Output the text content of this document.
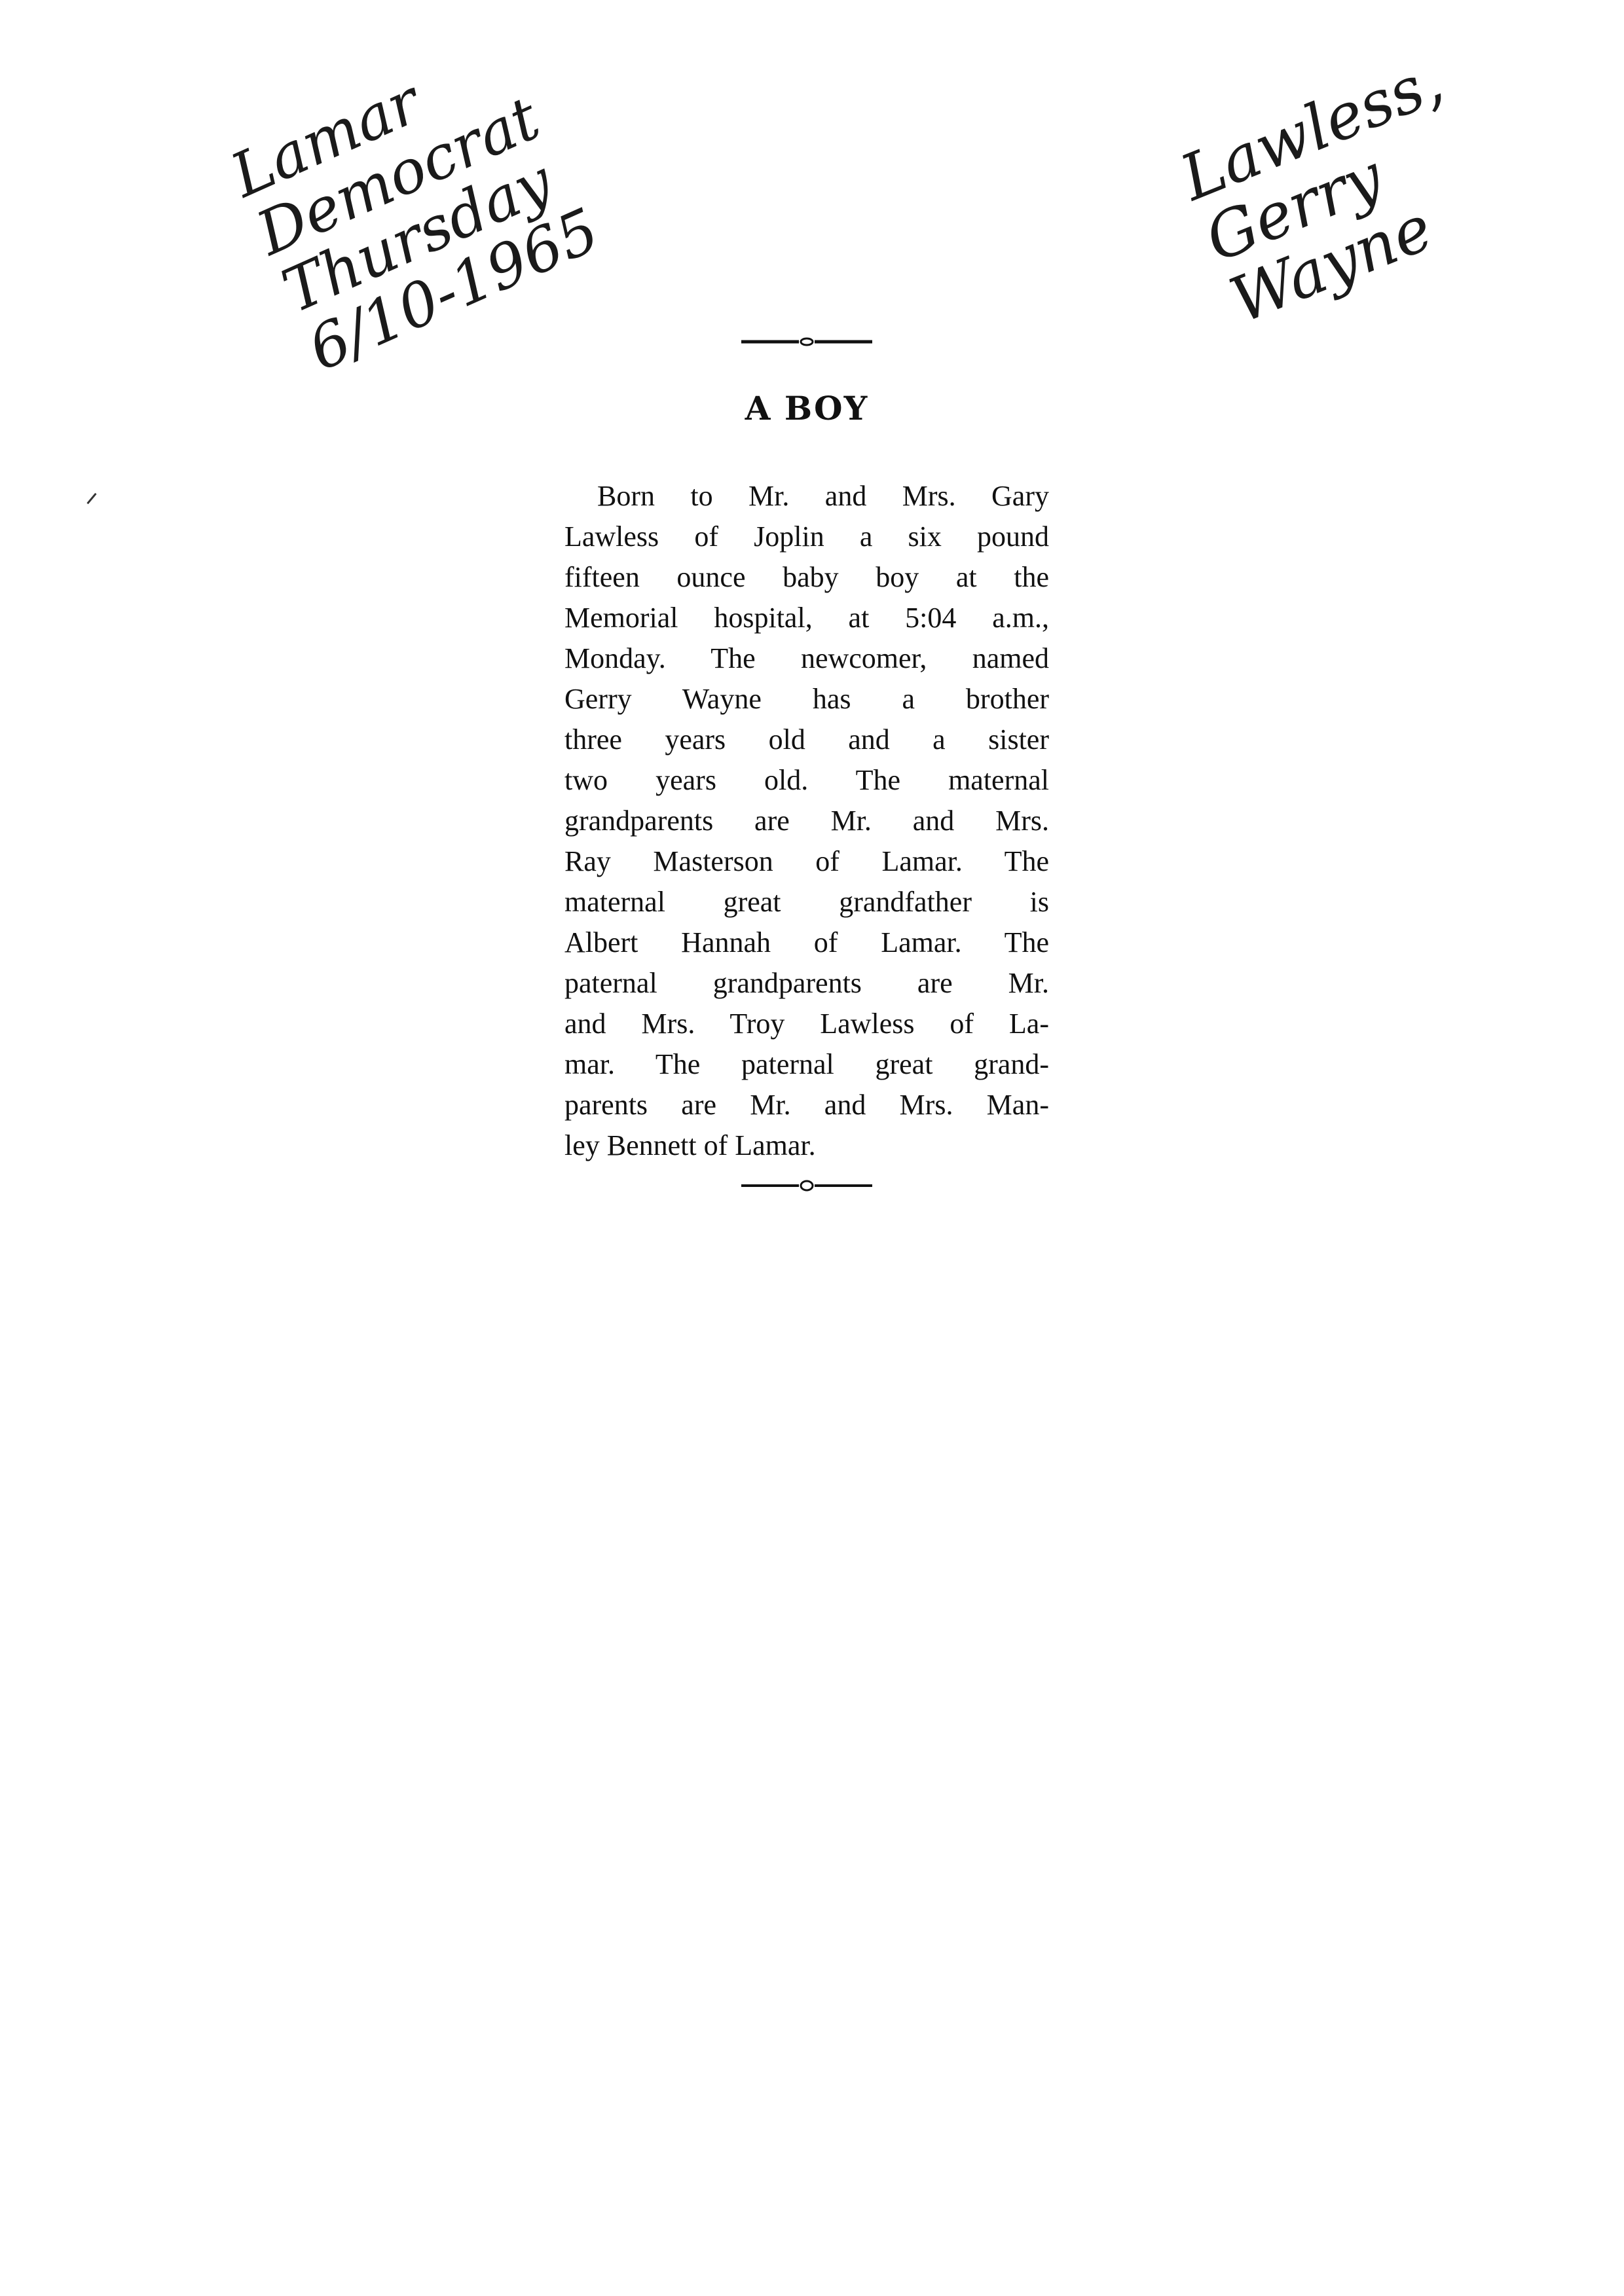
Lamar
Democrat
Thursday
6/10-1965

Lawless,
Gerry
Wayne

A BOY
Born to Mr. and Mrs. Gary
Lawless of Joplin a six pound
fifteen ounce baby boy at the
Memorial hospital, at 5:04 a.m.,
Monday. The newcomer, named
Gerry Wayne has a brother
three years old and a sister
two years old. The maternal
grandparents are Mr. and Mrs.
Ray Masterson of Lamar. The
maternal great grandfather is
Albert Hannah of Lamar. The
paternal grandparents are Mr.
and Mrs. Troy Lawless of La-
mar. The paternal great grand-
parents are Mr. and Mrs. Man-
ley Bennett of Lamar.
